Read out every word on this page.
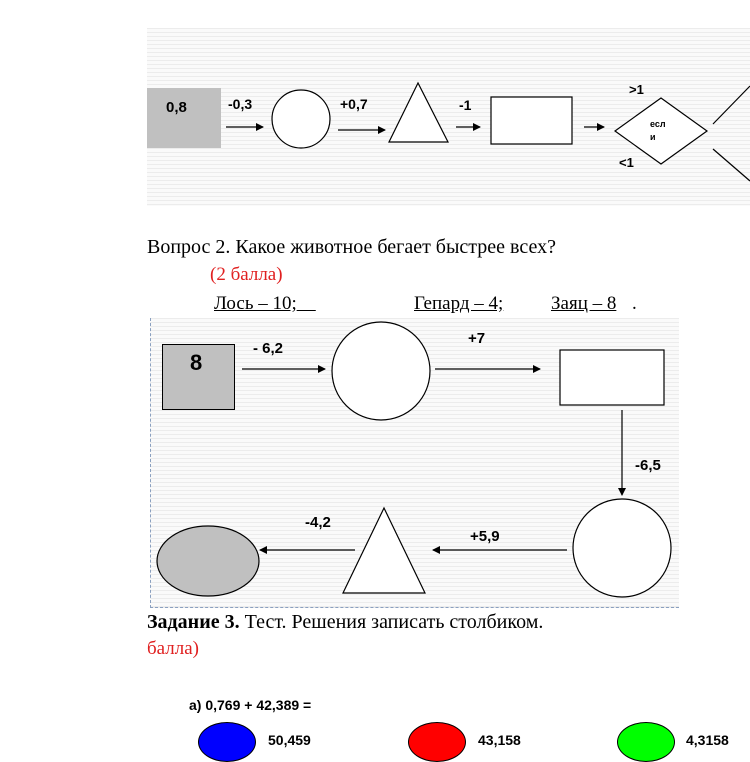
0,8	-0,3	+0,7	-1
>1
<1
есл
и
Вопрос 2. Какое животное бегает быстрее всех?
(2 балла)
Лось – 10;	Гепард – 4;	Заяц – 8 .
8
- 6,2
+7
-6,5
+5,9
-4,2
Задание 3. Тест. Решения записать столбиком.
балла)
а) 0,769 + 42,389 =
50,459	43,158	4,3158
